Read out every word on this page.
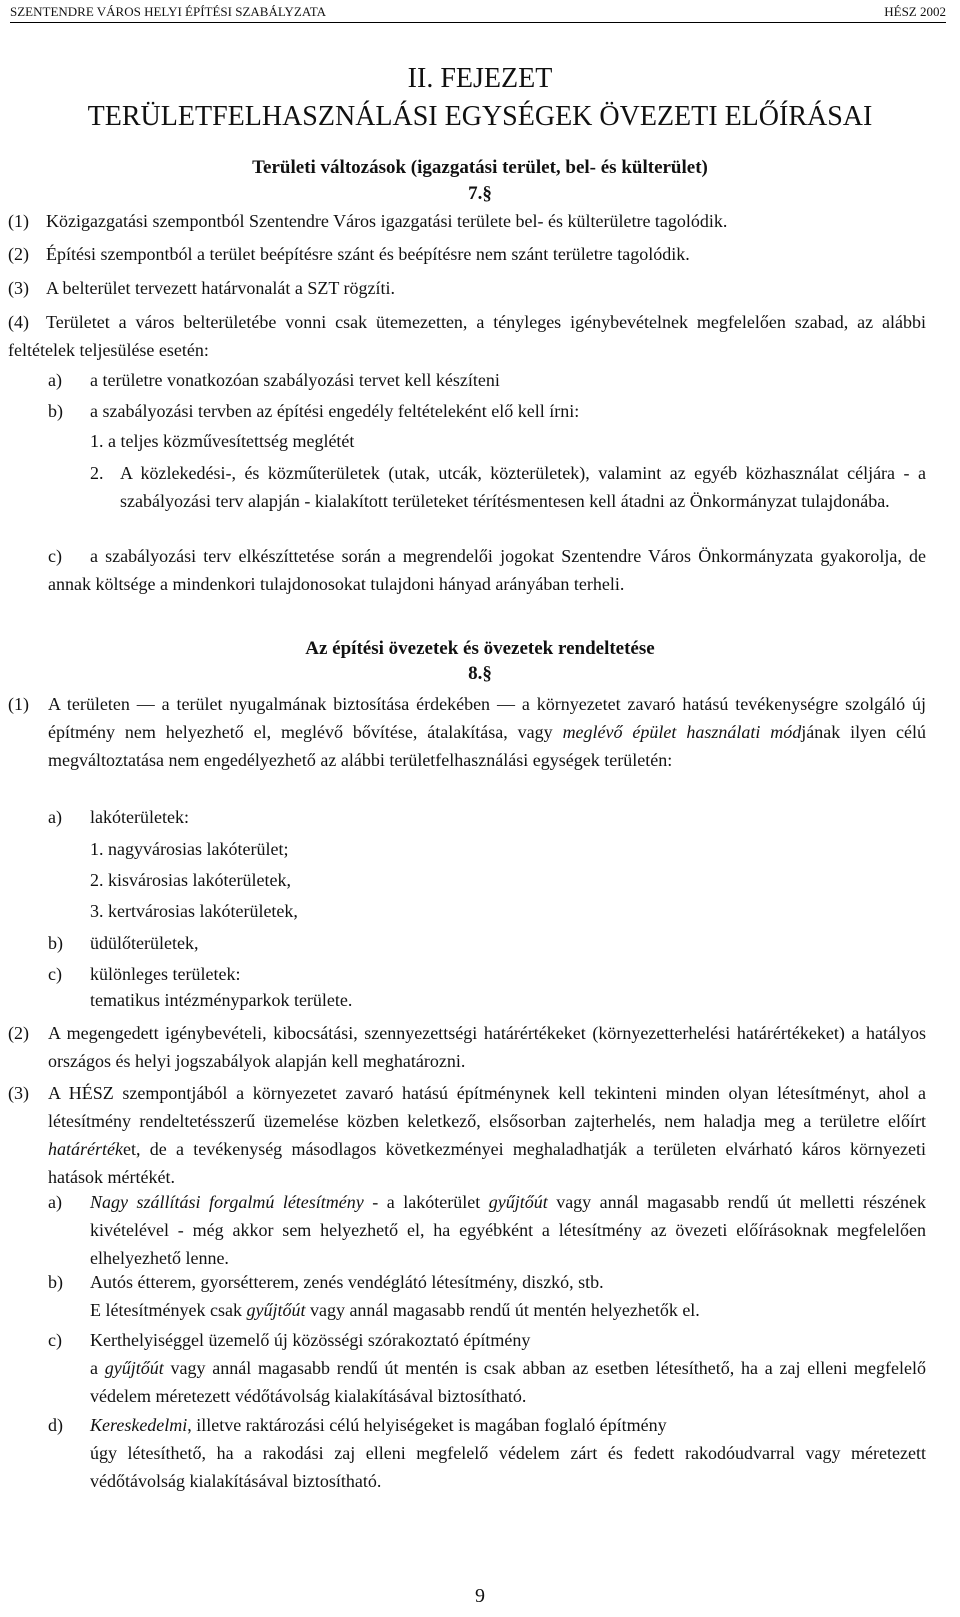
SZENTENDRE VÁROS HELYI ÉPÍTÉSI SZABÁLYZATA	HÉSZ 2002
II. FEJEZET
TERÜLETFELHASZNÁLÁSI EGYSÉGEK ÖVEZETI ELŐÍRÁSAI
Területi változások (igazgatási terület, bel- és külterület)
7.§
(1) Közigazgatási szempontból Szentendre Város igazgatási területe bel- és külterületre tagolódik.
(2) Építési szempontból a terület beépítésre szánt és beépítésre nem szánt területre tagolódik.
(3) A belterület tervezett határvonalát a SZT rögzíti.
(4) Területet a város belterületébe vonni csak ütemezetten, a tényleges igénybevételnek megfelelően szabad, az alábbi feltételek teljesülése esetén:
a) a területre vonatkozóan szabályozási tervet kell készíteni
b) a szabályozási tervben az építési engedély feltételeként elő kell írni:
1. a teljes közművesítettség meglétét
2. A közlekedési-, és közműterületek (utak, utcák, közterületek), valamint az egyéb közhasználat céljára - a szabályozási terv alapján - kialakított területeket térítésmentesen kell átadni az Önkormányzat tulajdonába.
c)	a szabályozási terv elkészíttetése során a megrendelői jogokat Szentendre Város Önkormányzata gyakorolja, de annak költsége a mindenkori tulajdonosokat tulajdoni hányad arányában terheli.
Az építési övezetek és övezetek rendeltetése
8.§
(1) A területen — a terület nyugalmának biztosítása érdekében — a környezetet zavaró hatású tevékenységre szolgáló új építmény nem helyezhető el, meglévő bővítése, átalakítása, vagy meglévő épület használati módjának ilyen célú megváltoztatása nem engedélyezhető az alábbi területfelhasználási egységek területén:
a) lakóterületek:
1. nagyvárosias lakóterület;
2. kisvárosias lakóterületek,
3. kertvárosias lakóterületek,
b) üdülőterületek,
c) különleges területek:
tematikus intézményparkok területe.
(2) A megengedett igénybevételi, kibocsátási, szennyezettségi határértékeket (környezetterhelési határértékeket) a hatályos országos és helyi jogszabályok alapján kell meghatározni.
(3) A HÉSZ szempontjából a környezetet zavaró hatású építménynek kell tekinteni minden olyan létesítményt, ahol a létesítmény rendeltetésszerű üzemelése közben keletkező, elsősorban zajterhelés, nem haladja meg a területre előírt határértéket, de a tevékenység másodlagos következményei meghaladhatják a területen elvárható káros környezeti hatások mértékét.
a) Nagy szállítási forgalmú létesítmény - a lakóterület gyűjtőút vagy annál magasabb rendű út melletti részének kivételével - még akkor sem helyezhető el, ha egyébként a létesítmény az övezeti előírásoknak megfelelően elhelyezhető lenne.
b) Autós étterem, gyorsétterem, zenés vendéglátó létesítmény, diszkó, stb.
E létesítmények csak gyűjtőút vagy annál magasabb rendű út mentén helyezhetők el.
c) Kerthelyiséggel üzemelő új közösségi szórakoztató építmény
a gyűjtőút vagy annál magasabb rendű út mentén is csak abban az esetben létesíthető, ha a zaj elleni megfelelő védelem méretezett védőtávolság kialakításával biztosítható.
d) Kereskedelmi, illetve raktározási célú helyiségeket is magában foglaló építmény
úgy létesíthető, ha a rakodási zaj elleni megfelelő védelem zárt és fedett rakodóudvarral vagy méretezett védőtávolság kialakításával biztosítható.
9
